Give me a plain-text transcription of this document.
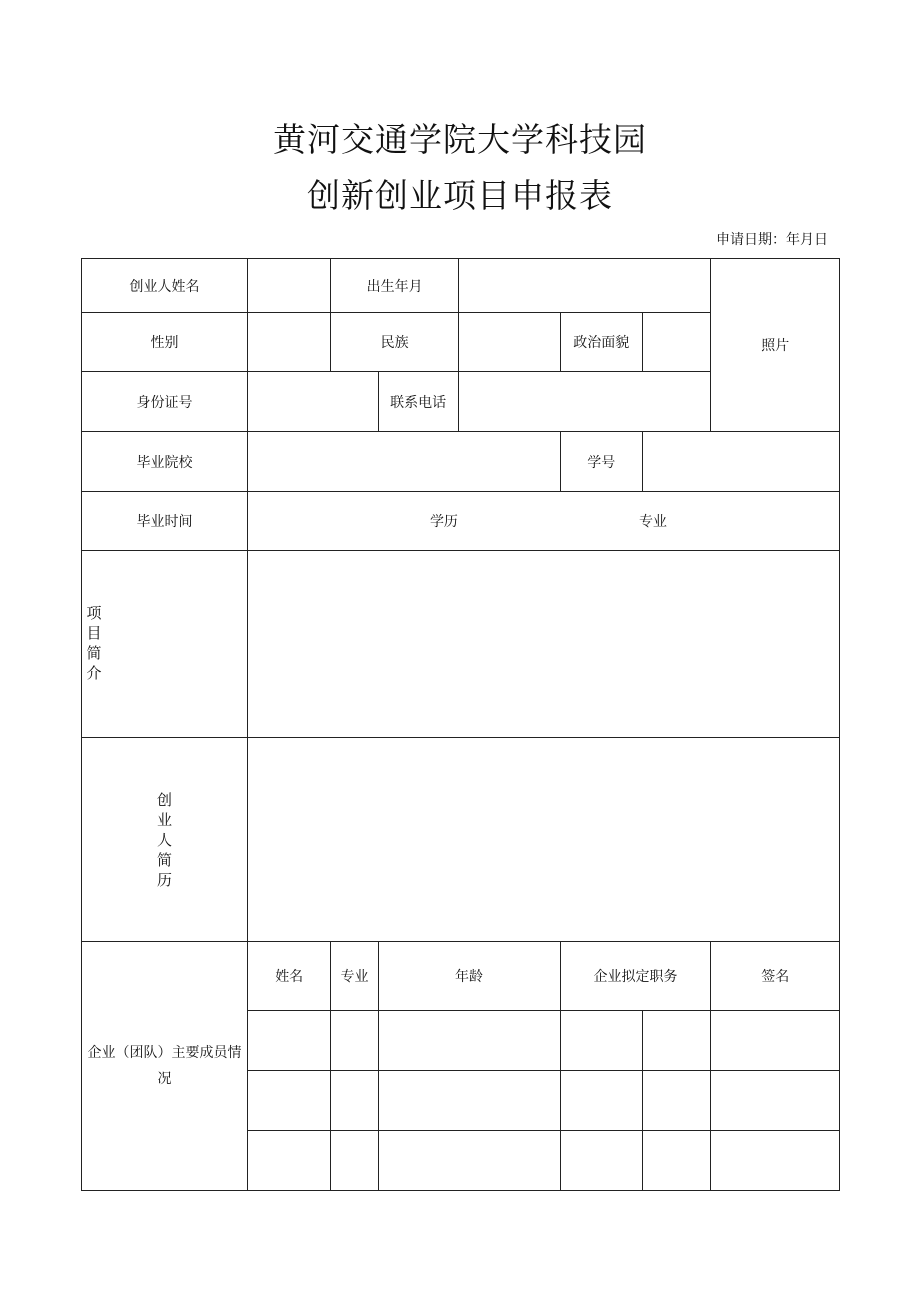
黄河交通学院大学科技园
创新创业项目申报表
申请日期：年月日
创业人姓名		出生年月					照片
性别		民族			政治面貌		
身份证号			联系电话				
毕业院校					学号		
毕业时间	学历 专业						

项目简介							

创业人简历							
企业（团队）主要成员情况	姓名	专业	年龄		企业拟定职务		签名
